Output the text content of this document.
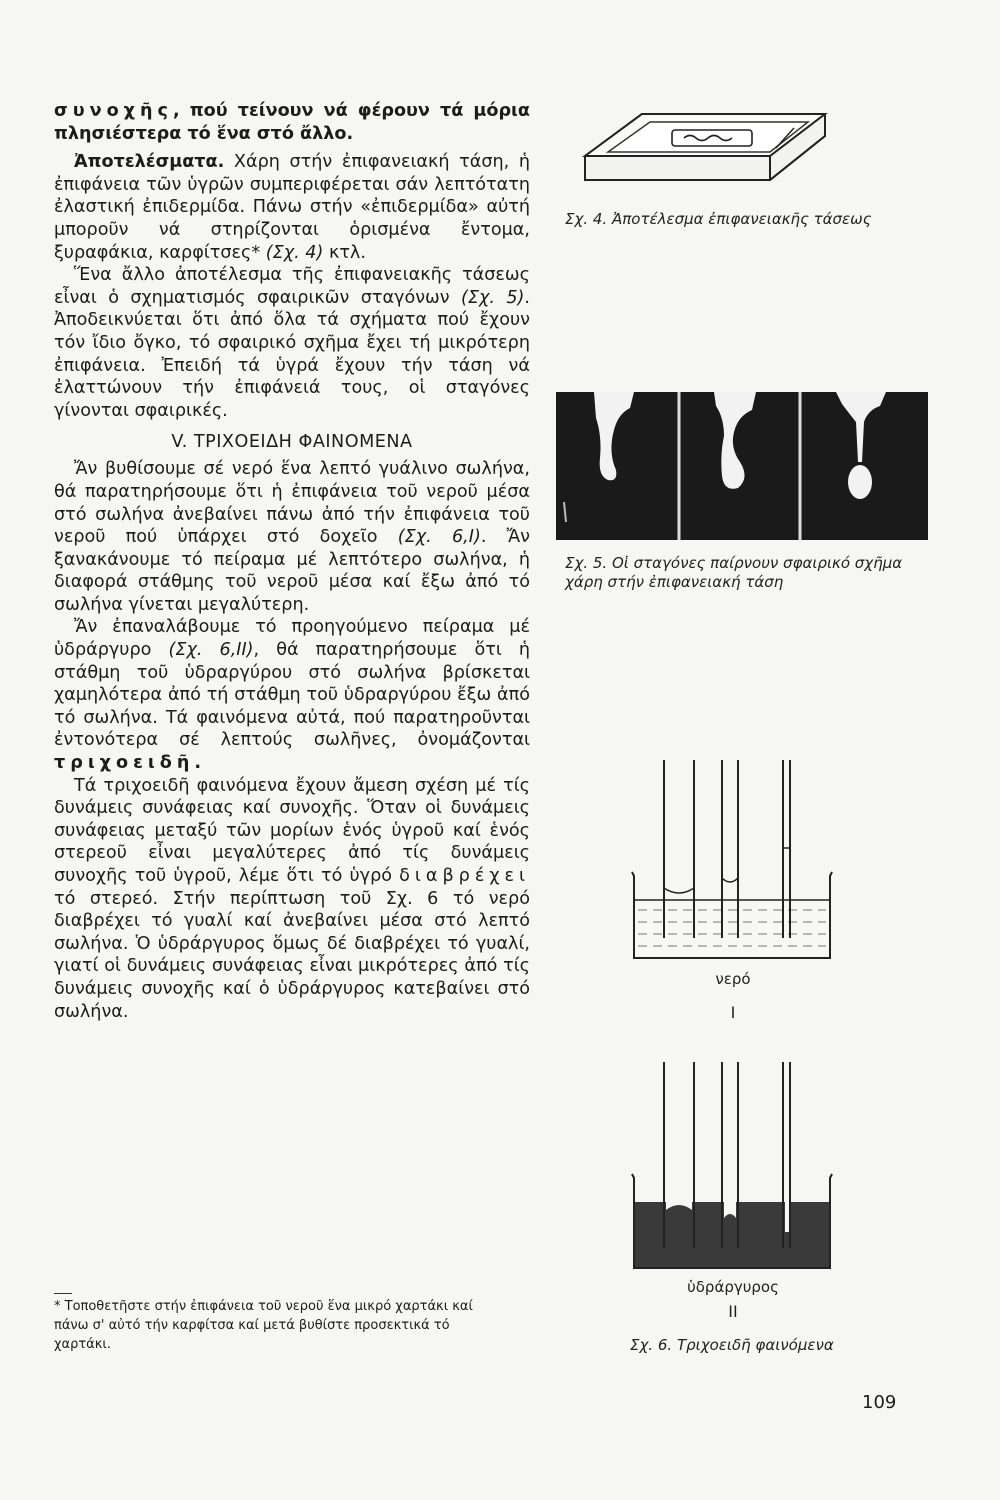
συνοχῆς, πού τείνουν νά φέρουν τά μόρια πλησιέστερα τό ἕνα στό ἄλλο.

Ἀποτελέσματα. Χάρη στήν ἐπιφανειακή τάση, ἡ ἐπιφάνεια τῶν ὑγρῶν συμπεριφέρεται σάν λεπτότατη ἐλαστική ἐπιδερμίδα. Πάνω στήν «ἐπιδερμίδα» αὐτή μποροῦν νά στηρίζονται ὁρισμένα ἔντομα, ξυραφάκια, καρφίτσες* (Σχ. 4) κτλ.

Ἕνα ἄλλο ἀποτέλεσμα τῆς ἐπιφανειακῆς τάσεως εἶναι ὁ σχηματισμός σφαιρικῶν σταγόνων (Σχ. 5). Ἀποδεικνύεται ὅτι ἀπό ὅλα τά σχήματα πού ἔχουν τόν ἴδιο ὄγκο, τό σφαιρικό σχῆμα ἔχει τή μικρότερη ἐπιφάνεια. Ἐπειδή τά ὑγρά ἔχουν τήν τάση νά ἐλαττώνουν τήν ἐπιφάνειά τους, οἱ σταγόνες γίνονται σφαιρικές.

V. ΤΡΙΧΟΕΙΔΗ ΦΑΙΝΟΜΕΝΑ

Ἄν βυθίσουμε σέ νερό ἕνα λεπτό γυάλινο σωλήνα, θά παρατηρήσουμε ὅτι ἡ ἐπιφάνεια τοῦ νεροῦ μέσα στό σωλήνα ἀνεβαίνει πάνω ἀπό τήν ἐπιφάνεια τοῦ νεροῦ πού ὑπάρχει στό δοχεῖο (Σχ. 6,I). Ἄν ξανακάνουμε τό πείραμα μέ λεπτότερο σωλήνα, ἡ διαφορά στάθμης τοῦ νεροῦ μέσα καί ἔξω ἀπό τό σωλήνα γίνεται μεγαλύτερη.

Ἄν ἐπαναλάβουμε τό προηγούμενο πείραμα μέ ὑδράργυρο (Σχ. 6,II), θά παρατηρήσουμε ὅτι ἡ στάθμη τοῦ ὑδραργύρου στό σωλήνα βρίσκεται χαμηλότερα ἀπό τή στάθμη τοῦ ὑδραργύρου ἔξω ἀπό τό σωλήνα. Τά φαινόμενα αὐτά, πού παρατηροῦνται ἐντονότερα σέ λεπτούς σωλῆνες, ὀνομάζονται τριχοειδῆ.

Τά τριχοειδῆ φαινόμενα ἔχουν ἄμεση σχέση μέ τίς δυνάμεις συνάφειας καί συνοχῆς. Ὅταν οἱ δυνάμεις συνάφειας μεταξύ τῶν μορίων ἑνός ὑγροῦ καί ἑνός στερεοῦ εἶναι μεγαλύτερες ἀπό τίς δυνάμεις συνοχῆς τοῦ ὑγροῦ, λέμε ὅτι τό ὑγρό διαβρέχει τό στερεό. Στήν περίπτωση τοῦ Σχ. 6 τό νερό διαβρέχει τό γυαλί καί ἀνεβαίνει μέσα στό λεπτό σωλήνα. Ὁ ὑδράργυρος ὅμως δέ διαβρέχει τό γυαλί, γιατί οἱ δυνάμεις συνάφειας εἶναι μικρότερες ἀπό τίς δυνάμεις συνοχῆς καί ὁ ὑδράργυρος κατεβαίνει στό σωλήνα.

* Τοποθετῆστε στήν ἐπιφάνεια τοῦ νεροῦ ἕνα μικρό χαρτάκι καί πάνω σ' αὐτό τήν καρφίτσα καί μετά βυθίστε προσεκτικά τό χαρτάκι.
Σχ. 4. Ἀποτέλεσμα ἐπιφανειακῆς τάσεως
Σχ. 5. Οἱ σταγόνες παίρνουν σφαιρικό σχῆμα χάρη στήν ἐπιφανειακή τάση
νερό
I
ὑδράργυρος
II
Σχ. 6. Τριχοειδῆ φαινόμενα
109
